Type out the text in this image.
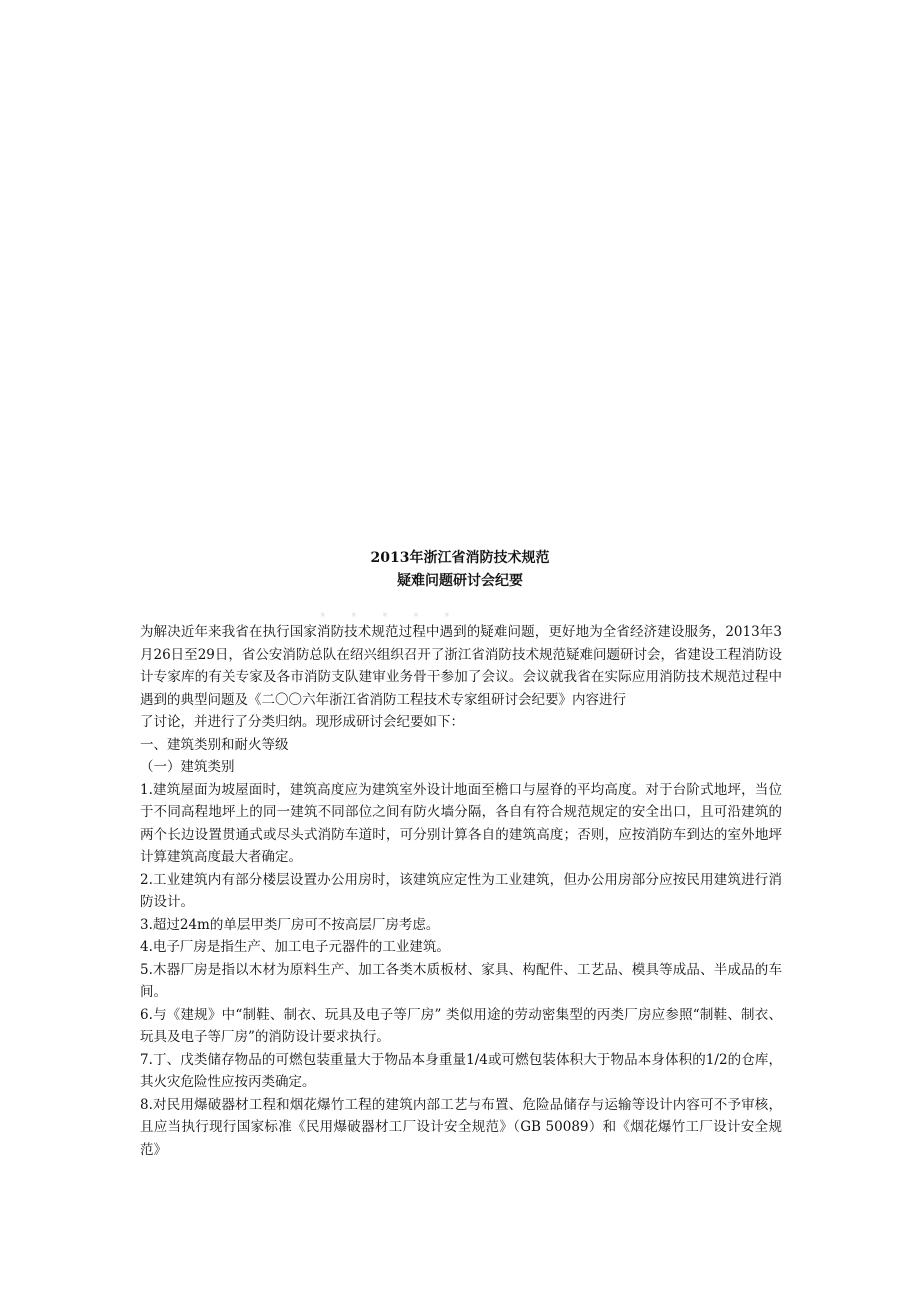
· · · · ·
2013年浙江省消防技术规范
疑难问题研讨会纪要

为解决近年来我省在执行国家消防技术规范过程中遇到的疑难问题，更好地为全省经济建设服务，2013年3月26日至29日，省公安消防总队在绍兴组织召开了浙江省消防技术规范疑难问题研讨会，省建设工程消防设计专家库的有关专家及各市消防支队建审业务骨干参加了会议。会议就我省在实际应用消防技术规范过程中遇到的典型问题及《二〇〇六年浙江省消防工程技术专家组研讨会纪要》内容进行

了讨论，并进行了分类归纳。现形成研讨会纪要如下：

一、建筑类别和耐火等级

（一）建筑类别

1.建筑屋面为坡屋面时，建筑高度应为建筑室外设计地面至檐口与屋脊的平均高度。对于台阶式地坪，当位于不同高程地坪上的同一建筑不同部位之间有防火墙分隔，各自有符合规范规定的安全出口，且可沿建筑的两个长边设置贯通式或尽头式消防车道时，可分别计算各自的建筑高度；否则，应按消防车到达的室外地坪计算建筑高度最大者确定。

2.工业建筑内有部分楼层设置办公用房时，该建筑应定性为工业建筑，但办公用房部分应按民用建筑进行消防设计。

3.超过24m的单层甲类厂房可不按高层厂房考虑。

4.电子厂房是指生产、加工电子元器件的工业建筑。

5.木器厂房是指以木材为原料生产、加工各类木质板材、家具、构配件、工艺品、模具等成品、半成品的车间。

6.与《建规》中“制鞋、制衣、玩具及电子等厂房” 类似用途的劳动密集型的丙类厂房应参照“制鞋、制衣、玩具及电子等厂房”的消防设计要求执行。

7.丁、戊类储存物品的可燃包装重量大于物品本身重量1/4或可燃包装体积大于物品本身体积的1/2的仓库，其火灾危险性应按丙类确定。

8.对民用爆破器材工程和烟花爆竹工程的建筑内部工艺与布置、危险品储存与运输等设计内容可不予审核，且应当执行现行国家标准《民用爆破器材工厂设计安全规范》（GB 50089）和《烟花爆竹工厂设计安全规范》
